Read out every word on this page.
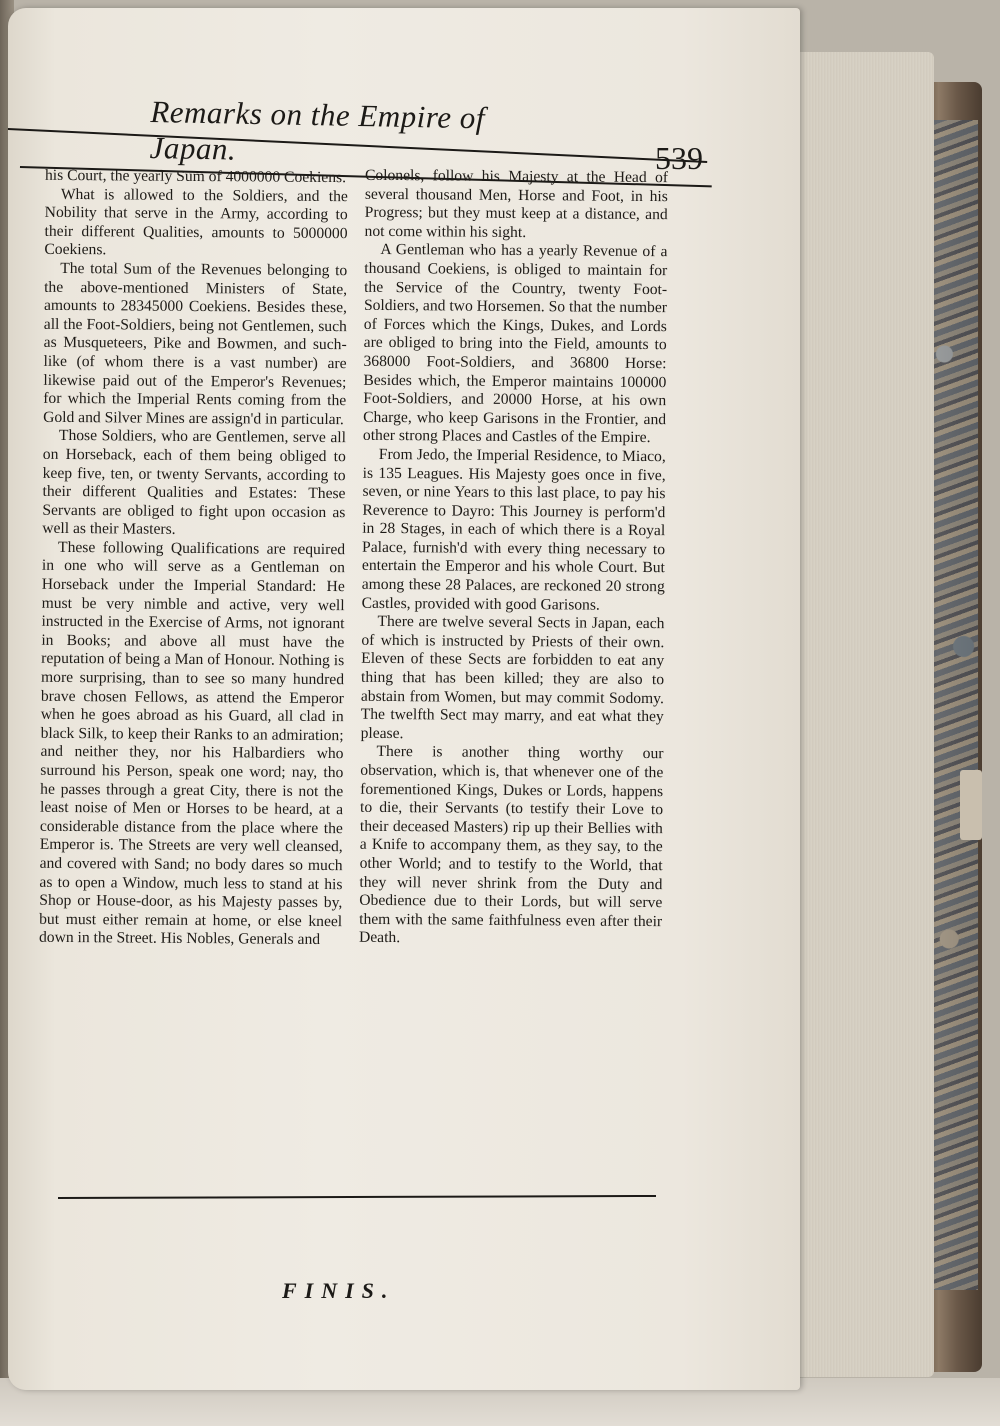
Remarks on the Empire of Japan.	539

his Court, the yearly Sum of 4000000 Coekiens.

What is allowed to the Soldiers, and the Nobility that serve in the Army, according to their different Qualities, amounts to 5000000 Coekiens.

The total Sum of the Revenues belonging to the above-mentioned Ministers of State, amounts to 28345000 Coekiens. Besides these, all the Foot-Soldiers, being not Gentlemen, such as Musqueteers, Pike and Bowmen, and such-like (of whom there is a vast number) are likewise paid out of the Emperor's Revenues; for which the Imperial Rents coming from the Gold and Silver Mines are assign'd in particular.

Those Soldiers, who are Gentlemen, serve all on Horseback, each of them being obliged to keep five, ten, or twenty Servants, according to their different Qualities and Estates: These Servants are obliged to fight upon occasion as well as their Masters.

These following Qualifications are required in one who will serve as a Gentleman on Horseback under the Imperial Standard: He must be very nimble and active, very well instructed in the Exercise of Arms, not ignorant in Books; and above all must have the reputation of being a Man of Honour. Nothing is more surprising, than to see so many hundred brave chosen Fellows, as attend the Emperor when he goes abroad as his Guard, all clad in black Silk, to keep their Ranks to an admiration; and neither they, nor his Halbardiers who surround his Person, speak one word; nay, tho he passes through a great City, there is not the least noise of Men or Horses to be heard, at a considerable distance from the place where the Emperor is. The Streets are very well cleansed, and covered with Sand; no body dares so much as to open a Window, much less to stand at his Shop or House-door, as his Majesty passes by, but must either remain at home, or else kneel down in the Street. His Nobles, Generals and

Colonels, follow his Majesty at the Head of several thousand Men, Horse and Foot, in his Progress; but they must keep at a distance, and not come within his sight.

A Gentleman who has a yearly Revenue of a thousand Coekiens, is obliged to maintain for the Service of the Country, twenty Foot-Soldiers, and two Horsemen. So that the number of Forces which the Kings, Dukes, and Lords are obliged to bring into the Field, amounts to 368000 Foot-Soldiers, and 36800 Horse: Besides which, the Emperor maintains 100000 Foot-Soldiers, and 20000 Horse, at his own Charge, who keep Garisons in the Frontier, and other strong Places and Castles of the Empire.

From Jedo, the Imperial Residence, to Miaco, is 135 Leagues. His Majesty goes once in five, seven, or nine Years to this last place, to pay his Reverence to Dayro: This Journey is perform'd in 28 Stages, in each of which there is a Royal Palace, furnish'd with every thing necessary to entertain the Emperor and his whole Court. But among these 28 Palaces, are reckoned 20 strong Castles, provided with good Garisons.

There are twelve several Sects in Japan, each of which is instructed by Priests of their own. Eleven of these Sects are forbidden to eat any thing that has been killed; they are also to abstain from Women, but may commit Sodomy. The twelfth Sect may marry, and eat what they please.

There is another thing worthy our observation, which is, that whenever one of the forementioned Kings, Dukes or Lords, happens to die, their Servants (to testify their Love to their deceased Masters) rip up their Bellies with a Knife to accompany them, as they say, to the other World; and to testify to the World, that they will never shrink from the Duty and Obedience due to their Lords, but will serve them with the same faithfulness even after their Death.

FINIS.
